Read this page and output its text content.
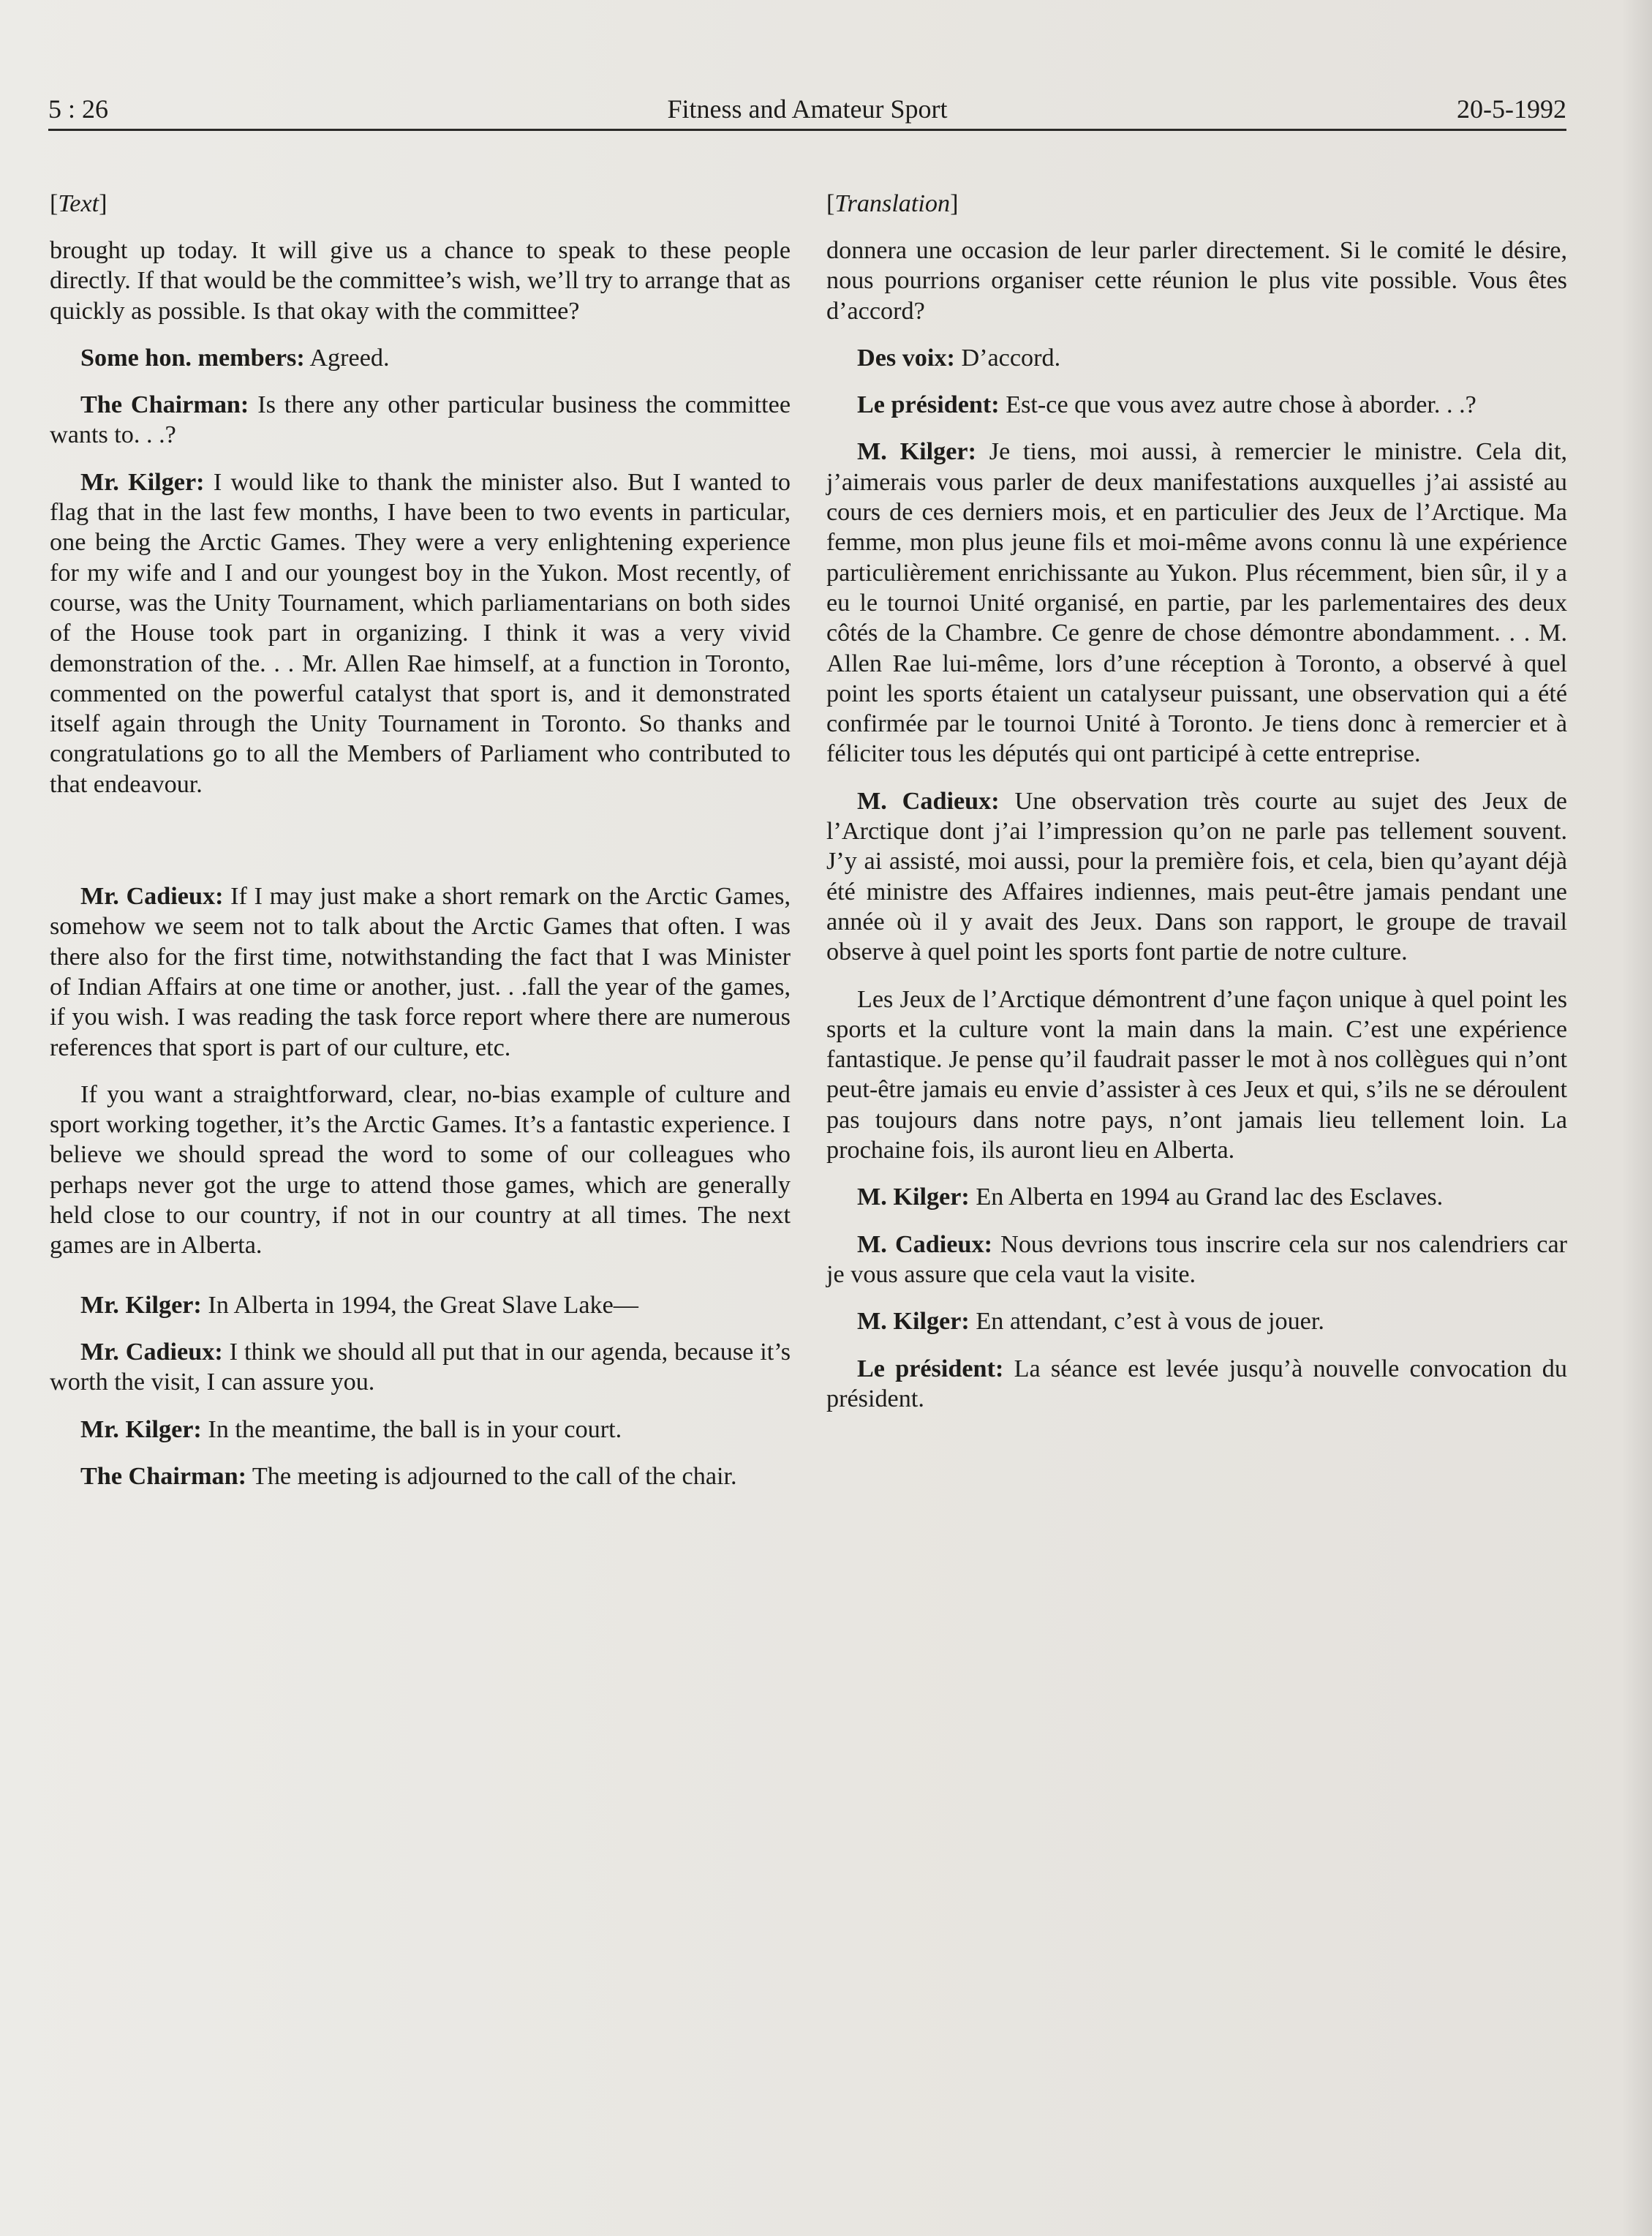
5 : 26	Fitness and Amateur Sport	20-5-1992
[Text]

brought up today. It will give us a chance to speak to these people directly. If that would be the committee’s wish, we’ll try to arrange that as quickly as possible. Is that okay with the committee?

Some hon. members: Agreed.

The Chairman: Is there any other particular business the committee wants to. . .?

Mr. Kilger: I would like to thank the minister also. But I wanted to flag that in the last few months, I have been to two events in particular, one being the Arctic Games. They were a very enlightening experience for my wife and I and our youngest boy in the Yukon. Most recently, of course, was the Unity Tournament, which parliamentarians on both sides of the House took part in organizing. I think it was a very vivid demonstration of the. . . Mr. Allen Rae himself, at a function in Toronto, commented on the powerful catalyst that sport is, and it demonstrated itself again through the Unity Tournament in Toronto. So thanks and congratulations go to all the Members of Parliament who contributed to that endeavour.

Mr. Cadieux: If I may just make a short remark on the Arctic Games, somehow we seem not to talk about the Arctic Games that often. I was there also for the first time, notwithstanding the fact that I was Minister of Indian Affairs at one time or another, just. . .fall the year of the games, if you wish. I was reading the task force report where there are numerous references that sport is part of our culture, etc.

If you want a straightforward, clear, no-bias example of culture and sport working together, it’s the Arctic Games. It’s a fantastic experience. I believe we should spread the word to some of our colleagues who perhaps never got the urge to attend those games, which are generally held close to our country, if not in our country at all times. The next games are in Alberta.

Mr. Kilger: In Alberta in 1994, the Great Slave Lake—

Mr. Cadieux: I think we should all put that in our agenda, because it’s worth the visit, I can assure you.

Mr. Kilger: In the meantime, the ball is in your court.

The Chairman: The meeting is adjourned to the call of the chair.

[Translation]

donnera une occasion de leur parler directement. Si le comité le désire, nous pourrions organiser cette réunion le plus vite possible. Vous êtes d’accord?

Des voix: D’accord.

Le président: Est-ce que vous avez autre chose à aborder. . .?

M. Kilger: Je tiens, moi aussi, à remercier le ministre. Cela dit, j’aimerais vous parler de deux manifestations auxquelles j’ai assisté au cours de ces derniers mois, et en particulier des Jeux de l’Arctique. Ma femme, mon plus jeune fils et moi-même avons connu là une expérience particulièrement enrichissante au Yukon. Plus récemment, bien sûr, il y a eu le tournoi Unité organisé, en partie, par les parlementaires des deux côtés de la Chambre. Ce genre de chose démontre abondamment. . . M. Allen Rae lui-même, lors d’une réception à Toronto, a observé à quel point les sports étaient un catalyseur puissant, une observation qui a été confirmée par le tournoi Unité à Toronto. Je tiens donc à remercier et à féliciter tous les députés qui ont participé à cette entreprise.

M. Cadieux: Une observation très courte au sujet des Jeux de l’Arctique dont j’ai l’impression qu’on ne parle pas tellement souvent. J’y ai assisté, moi aussi, pour la première fois, et cela, bien qu’ayant déjà été ministre des Affaires indiennes, mais peut-être jamais pendant une année où il y avait des Jeux. Dans son rapport, le groupe de travail observe à quel point les sports font partie de notre culture.

Les Jeux de l’Arctique démontrent d’une façon unique à quel point les sports et la culture vont la main dans la main. C’est une expérience fantastique. Je pense qu’il faudrait passer le mot à nos collègues qui n’ont peut-être jamais eu envie d’assister à ces Jeux et qui, s’ils ne se déroulent pas toujours dans notre pays, n’ont jamais lieu tellement loin. La prochaine fois, ils auront lieu en Alberta.

M. Kilger: En Alberta en 1994 au Grand lac des Esclaves.

M. Cadieux: Nous devrions tous inscrire cela sur nos calendriers car je vous assure que cela vaut la visite.

M. Kilger: En attendant, c’est à vous de jouer.

Le président: La séance est levée jusqu’à nouvelle convocation du président.
